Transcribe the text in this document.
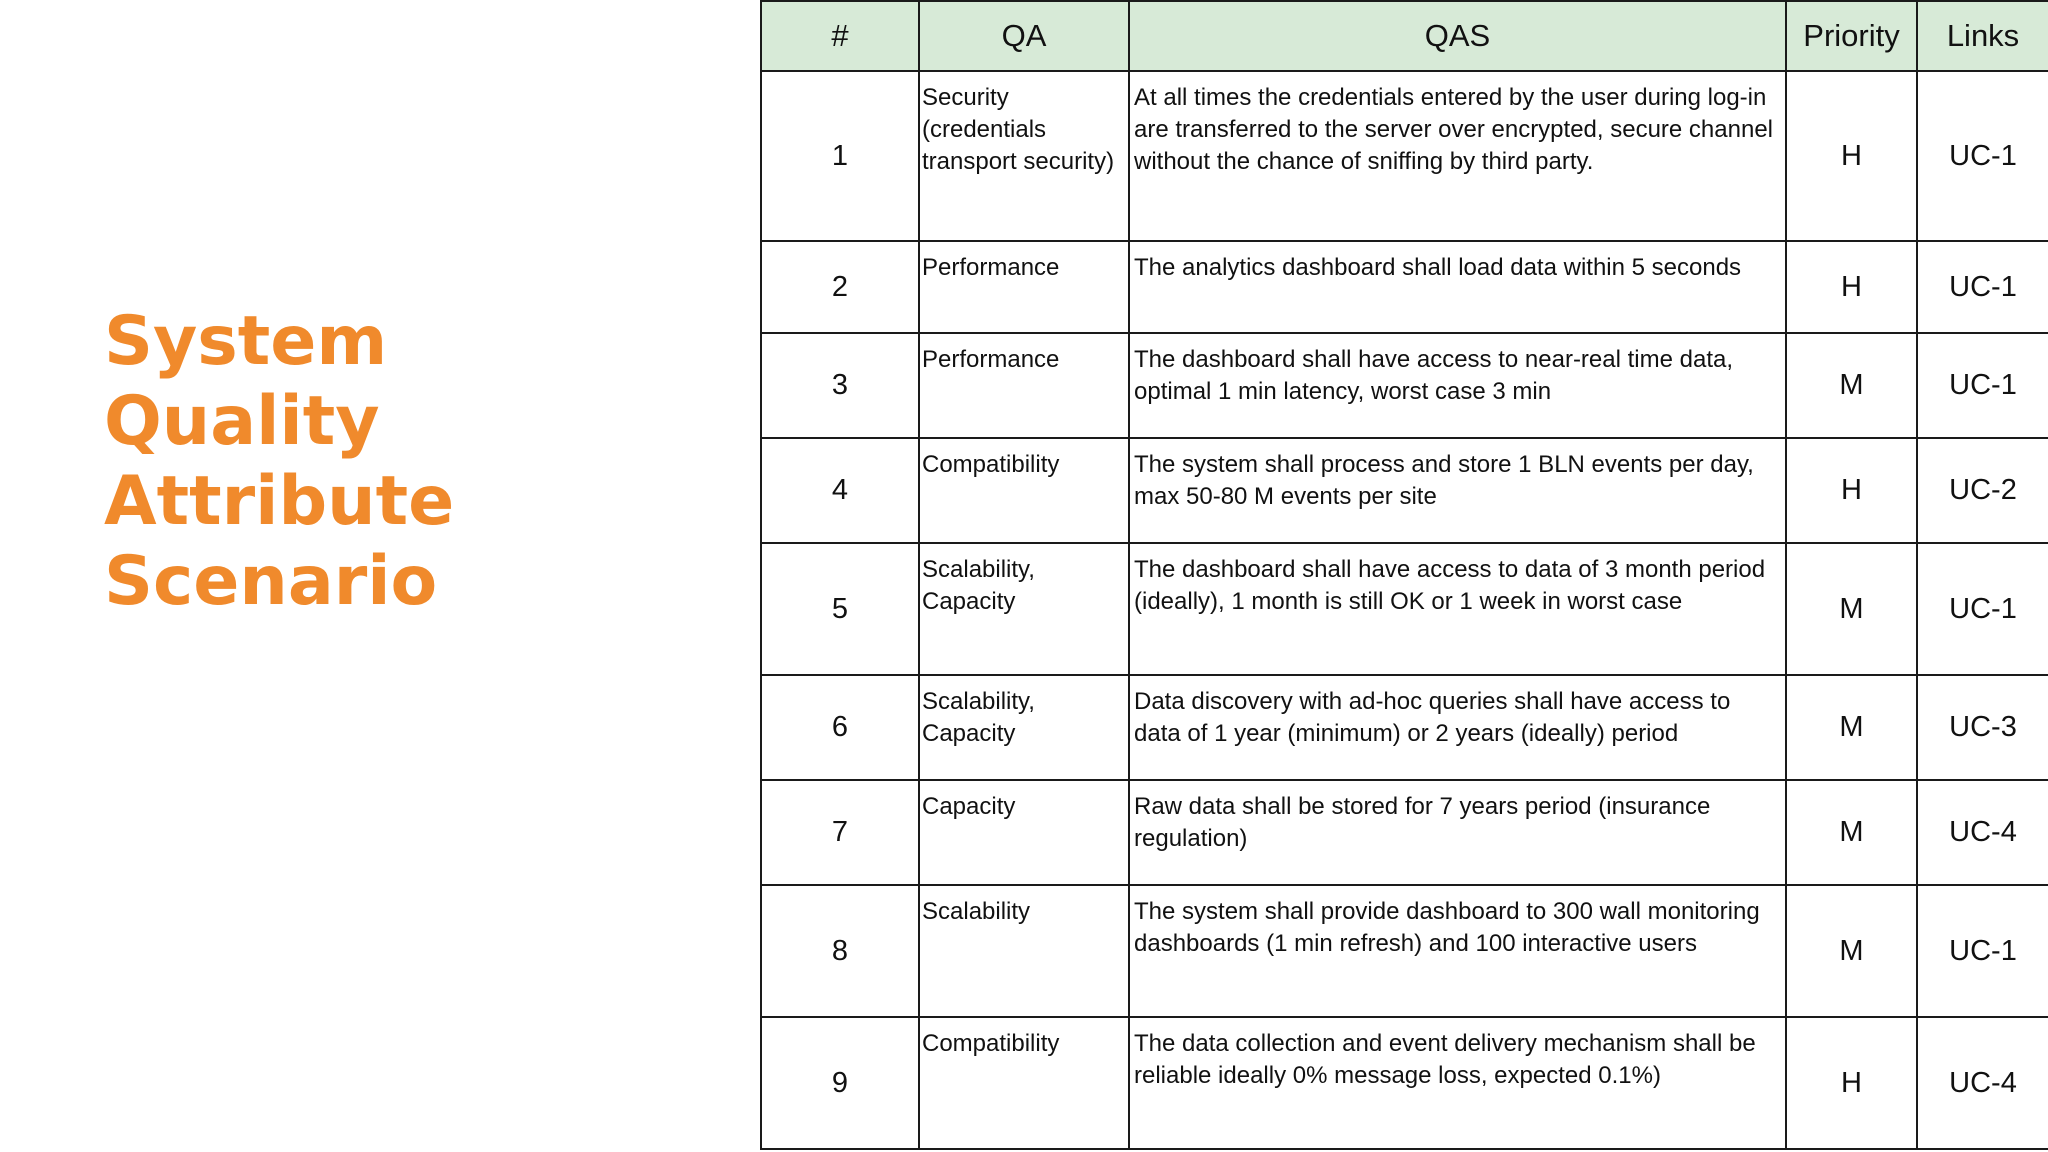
System
Quality
Attribute
Scenario
#	QA	QAS	Priority	Links
1	Security (credentials transport security)	At all times the credentials entered by the user during log-in are transferred to the server over encrypted, secure channel without the chance of sniffing by third party.	H	UC-1
2	Performance	The analytics dashboard shall load data within 5 seconds	H	UC-1
3	Performance	The dashboard shall have access to near-real time data, optimal 1 min latency, worst case 3 min	M	UC-1
4	Compatibility	The system shall process and store 1 BLN events per day, max 50-80 M events per site	H	UC-2
5	Scalability, Capacity	The dashboard shall have access to data of 3 month period (ideally), 1 month is still OK or 1 week in worst case	M	UC-1
6	Scalability, Capacity	Data discovery with ad-hoc queries shall have access to data of 1 year (minimum) or 2 years (ideally) period	M	UC-3
7	Capacity	Raw data shall be stored for 7 years period (insurance regulation)	M	UC-4
8	Scalability	The system shall provide dashboard to 300 wall monitoring dashboards (1 min refresh) and 100 interactive users	M	UC-1
9	Compatibility	The data collection and event delivery mechanism shall be reliable ideally 0% message loss, expected 0.1%)	H	UC-4
